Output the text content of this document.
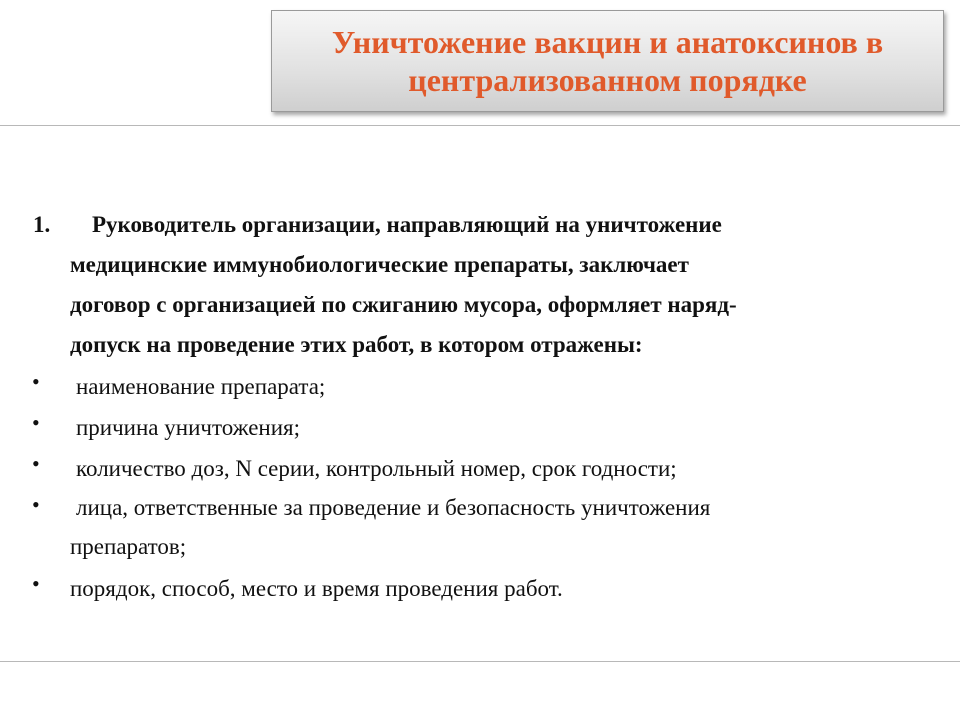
Уничтожение вакцин и анатоксинов в централизованном порядке
1. Руководитель организации, направляющий на уничтожение
медицинские иммунобиологические препараты, заключает
договор с организацией по сжиганию мусора, оформляет наряд-
допуск на проведение этих работ, в котором отражены:
• наименование препарата;
• причина уничтожения;
• количество доз, N серии, контрольный номер, срок годности;
• лица, ответственные за проведение и безопасность уничтожения
препаратов;
• порядок, способ, место и время проведения работ.
